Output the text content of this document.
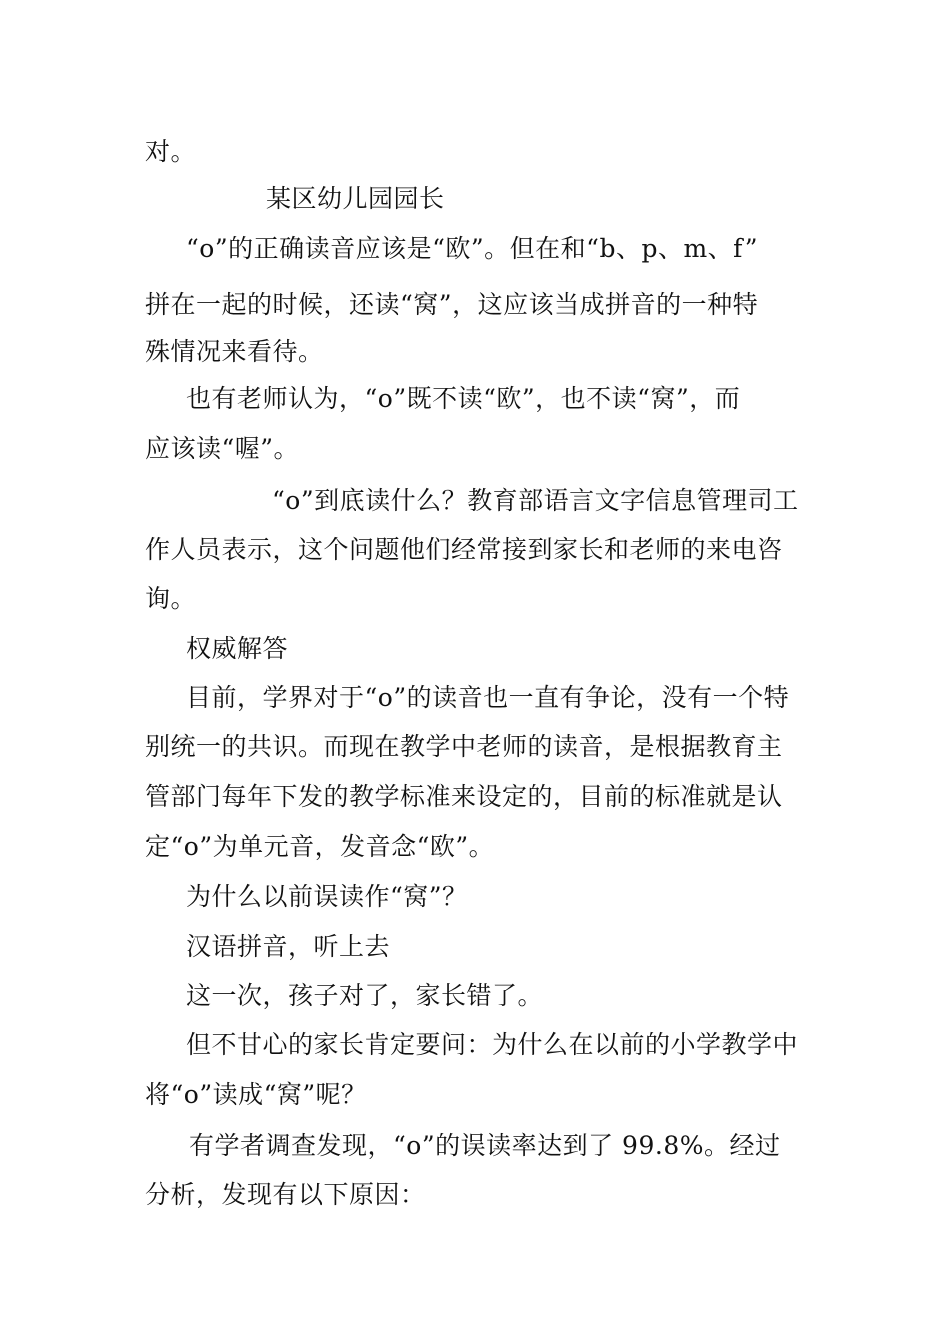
对。
某区幼儿园园长
“o”的正确读音应该是“欧”。但在和“b、p、m、f”
拼在一起的时候，还读“窝”，这应该当成拼音的一种特
殊情况来看待。
也有老师认为，“o”既不读“欧”，也不读“窝”，而
应该读“喔”。
“o”到底读什么？教育部语言文字信息管理司工
作人员表示，这个问题他们经常接到家长和老师的来电咨
询。
权威解答
目前，学界对于“o”的读音也一直有争论，没有一个特
别统一的共识。而现在教学中老师的读音，是根据教育主
管部门每年下发的教学标准来设定的，目前的标准就是认
定“o”为单元音，发音念“欧”。
为什么以前误读作“窝”？
汉语拼音，听上去
这一次，孩子对了，家长错了。
但不甘心的家长肯定要问：为什么在以前的小学教学中
将“o”读成“窝”呢？
有学者调查发现，“o”的误读率达到了 99.8%。经过
分析，发现有以下原因：
